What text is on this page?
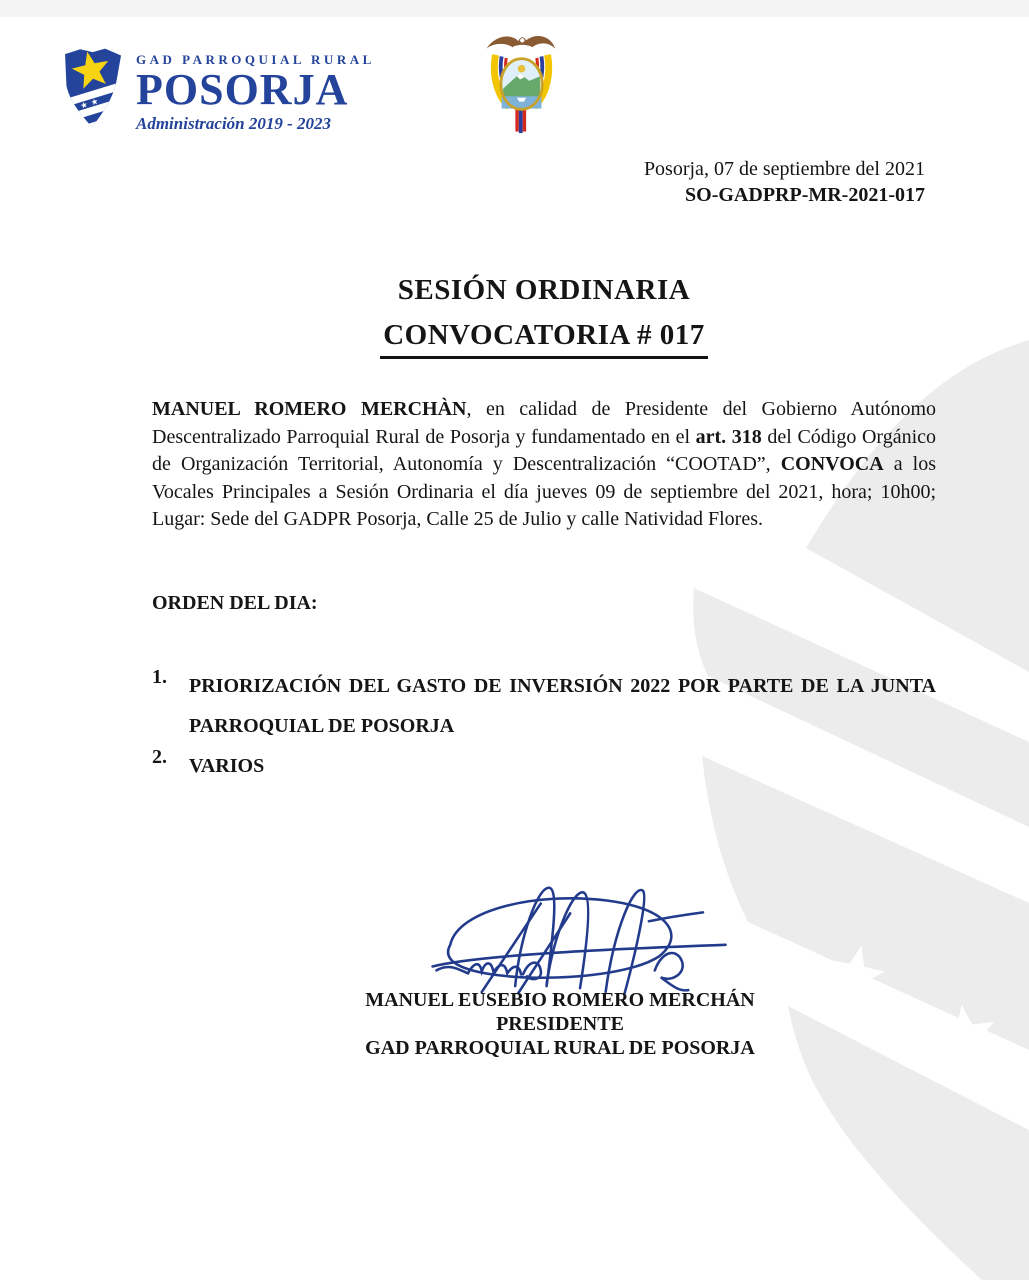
GAD PARROQUIAL RURAL
POSORJA
Administración 2019 - 2023
Posorja, 07 de septiembre del 2021
SO-GADPRP-MR-2021-017
SESIÓN ORDINARIA
CONVOCATORIA # 017
MANUEL ROMERO MERCHÀN, en calidad de Presidente del Gobierno Autónomo Descentralizado Parroquial Rural de Posorja y fundamentado en el art. 318 del Código Orgánico de Organización Territorial, Autonomía y Descentralización “COOTAD”, CONVOCA a los Vocales Principales a Sesión Ordinaria el día jueves 09 de septiembre del 2021, hora; 10h00; Lugar: Sede del GADPR Posorja, Calle 25 de Julio y calle Natividad Flores.
ORDEN DEL DIA:
1.	PRIORIZACIÓN DEL GASTO DE INVERSIÓN 2022 POR PARTE DE LA JUNTA PARROQUIAL DE POSORJA
2.	VARIOS
MANUEL EUSEBIO ROMERO MERCHÁN
PRESIDENTE
GAD PARROQUIAL RURAL DE POSORJA
